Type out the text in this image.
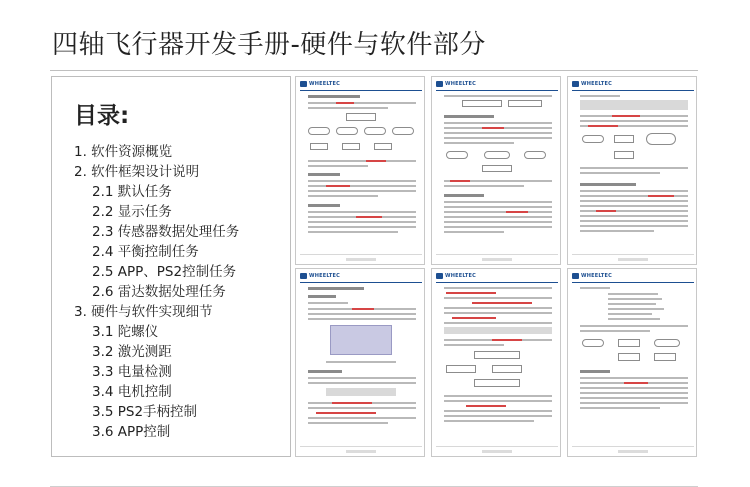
四轴飞行器开发手册-硬件与软件部分
目录:
1. 软件资源概览
2. 软件框架设计说明
2.1 默认任务
2.2 显示任务
2.3 传感器数据处理任务
2.4 平衡控制任务
2.5 APP、PS2控制任务
2.6 雷达数据处理任务
3. 硬件与软件实现细节
3.1 陀螺仪
3.2 激光测距
3.3 电量检测
3.4 电机控制
3.5 PS2手柄控制
3.6 APP控制
WHEELTEC	WHEELTEC	WHEELTEC
WHEELTEC	WHEELTEC	WHEELTEC
